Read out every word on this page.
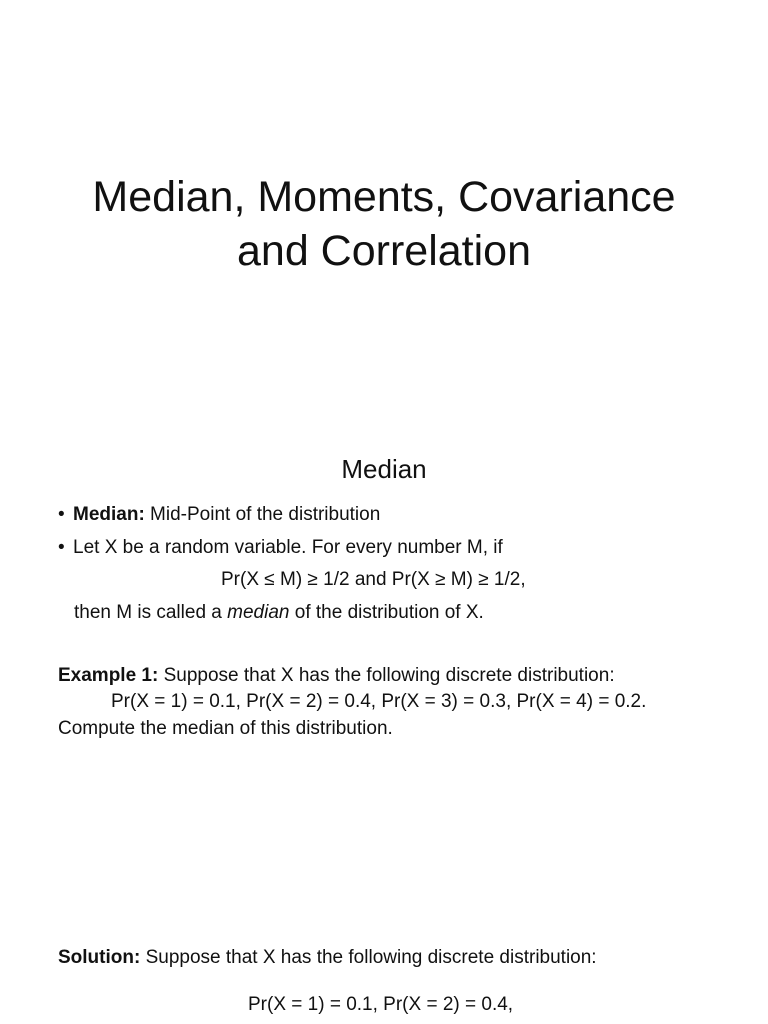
Median, Moments, Covariance
and Correlation
Median
• Median: Mid-Point of the distribution
• Let X be a random variable. For every number M, if
Pr(X ≤ M) ≥ 1/2 and Pr(X ≥ M) ≥ 1/2,
then M is called a median of the distribution of X.
Example 1: Suppose that X has the following discrete distribution:
Pr(X = 1) = 0.1, Pr(X = 2) = 0.4, Pr(X = 3) = 0.3, Pr(X = 4) = 0.2.
Compute the median of this distribution.
Solution: Suppose that X has the following discrete distribution:
Pr(X = 1) = 0.1, Pr(X = 2) = 0.4,
